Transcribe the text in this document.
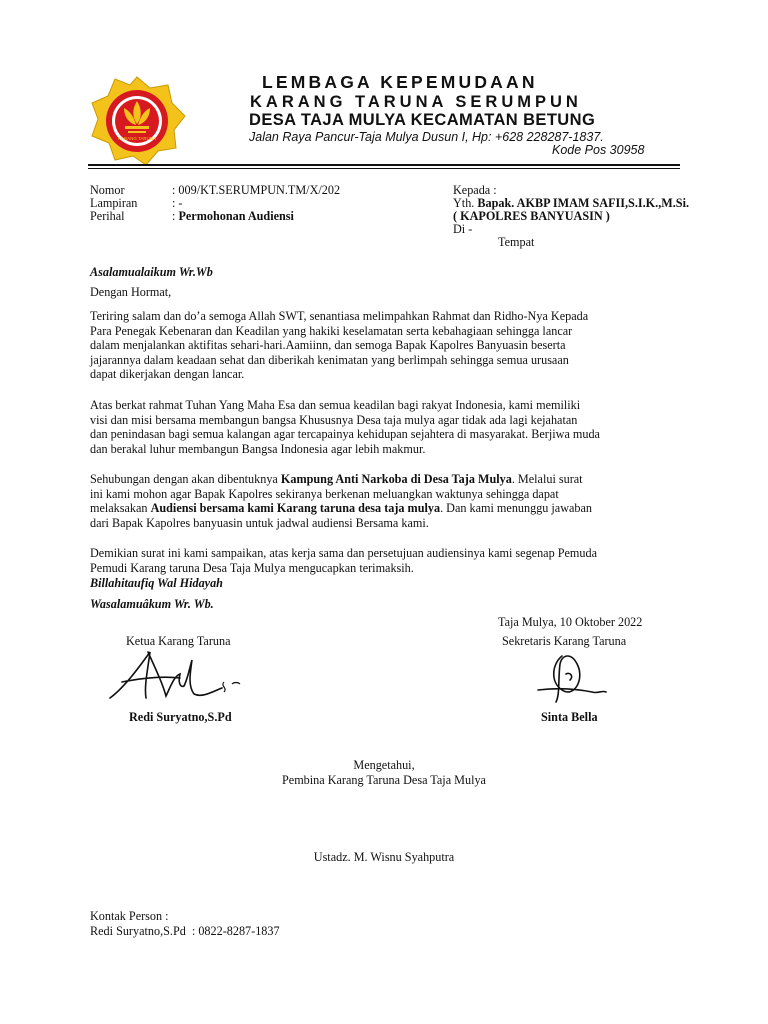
KARANG TARUNA
LEMBAGA KEPEMUDAAN
KARANG TARUNA SERUMPUN
DESA TAJA MULYA KECAMATAN BETUNG
Jalan Raya Pancur-Taja Mulya Dusun I, Hp: +628 228287-1837.
Kode Pos 30958
Nomor	: 009/KT.SERUMPUN.TM/X/202
Lampiran	: -
Perihal	: Permohonan Audiensi
Kepada :
Yth. Bapak. AKBP IMAM SAFII,S.I.K.,M.Si.
( KAPOLRES BANYUASIN )
Di -
Tempat
Asalamualaikum Wr.Wb
Dengan Hormat,
Teriring salam dan do’a semoga Allah SWT, senantiasa melimpahkan Rahmat dan Ridho-Nya Kepada
Para Penegak Kebenaran dan Keadilan yang hakiki keselamatan serta kebahagiaan sehingga lancar
dalam menjalankan aktifitas sehari-hari.Aamiinn, dan semoga Bapak Kapolres Banyuasin beserta
jajarannya dalam keadaan sehat dan diberikah kenimatan yang berlimpah sehingga semua urusaan
dapat dikerjakan dengan lancar.
Atas berkat rahmat Tuhan Yang Maha Esa dan semua keadilan bagi rakyat Indonesia, kami memiliki
visi dan misi bersama membangun bangsa Khususnya Desa taja mulya agar tidak ada lagi kejahatan
dan penindasan bagi semua kalangan agar tercapainya kehidupan sejahtera di masyarakat. Berjiwa muda
dan berakal luhur membangun Bangsa Indonesia agar lebih makmur.
Sehubungan dengan akan dibentuknya Kampung Anti Narkoba di Desa Taja Mulya. Melalui surat
ini kami mohon agar Bapak Kapolres sekiranya berkenan meluangkan waktunya sehingga dapat
melaksakan Audiensi bersama kami Karang taruna desa taja mulya. Dan kami menunggu jawaban
dari Bapak Kapolres banyuasin untuk jadwal audiensi Bersama kami.
Demikian surat ini kami sampaikan, atas kerja sama dan persetujuan audiensinya kami segenap Pemuda
Pemudi Karang taruna Desa Taja Mulya mengucapkan terimaksih.
Billahitaufiq Wal Hidayah
Wasalamuâkum Wr. Wb.
Taja Mulya, 10 Oktober 2022
Ketua Karang Taruna	Sekretaris Karang Taruna
Redi Suryatno,S.Pd	Sinta Bella
Mengetahui,
Pembina Karang Taruna Desa Taja Mulya
Ustadz. M. Wisnu Syahputra
Kontak Person :
Redi Suryatno,S.Pd  : 0822-8287-1837
